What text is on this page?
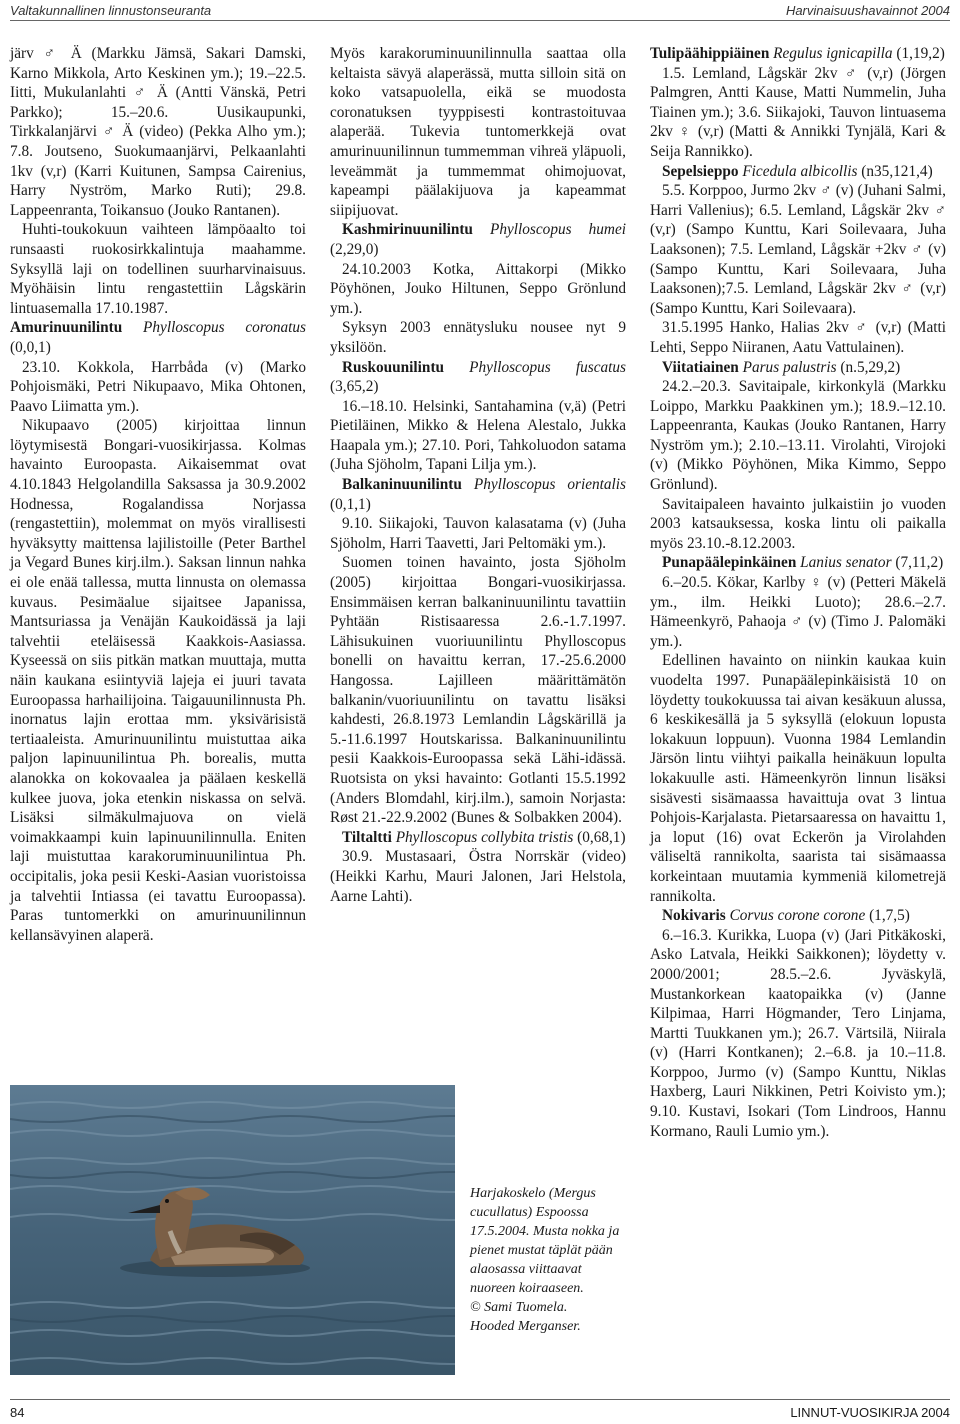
Valtakunnallinen linnustonseuranta	Harvinaisuushavainnot 2004

järv ♂ Ä (Markku Jämsä, Sakari Damski, Karno Mikkola, Arto Keskinen ym.); 19.–22.5. Iitti, Mukulanlahti ♂ Ä (Antti Vänskä, Petri Parkko); 15.–20.6. Uusikaupunki, Tirkkalanjärvi ♂ Ä (video) (Pekka Alho ym.); 7.8. Joutseno, Suokumaanjärvi, Pelkaanlahti 1kv (v,r) (Karri Kuitunen, Sampsa Cairenius, Harry Nyström, Marko Ruti); 29.8. Lappeenranta, Toikansuo (Jouko Rantanen).

Huhti-toukokuun vaihteen lämpöaalto toi runsaasti ruokosirkkalintuja maahamme. Syksyllä laji on todellinen suurharvinaisuus. Myöhäisin lintu rengastettiin Lågskärin lintuasemalla 17.10.1987.

Amurinuunilintu Phylloscopus coronatus (0,0,1)

23.10. Kokkola, Harrbåda (v) (Marko Pohjoismäki, Petri Nikupaavo, Mika Ohtonen, Paavo Liimatta ym.).

Nikupaavo (2005) kirjoittaa linnun löytymisestä Bongari-vuosikirjassa. Kolmas havainto Euroopasta. Aikaisemmat ovat 4.10.1843 Helgolandilla Saksassa ja 30.9.2002 Hodnessa, Rogalandissa Norjassa (rengastettiin), molemmat on myös virallisesti hyväksytty maittensa lajilistoille (Peter Barthel ja Vegard Bunes kirj.ilm.). Saksan linnun nahka ei ole enää tallessa, mutta linnusta on olemassa kuvaus. Pesimäalue sijaitsee Japanissa, Mantsuriassa ja Venäjän Kaukoidässä ja laji talvehtii eteläisessä Kaakkois-Aasiassa. Kyseessä on siis pitkän matkan muuttaja, mutta näin kaukana esiintyviä lajeja ei juuri tavata Euroopassa harhailijoina. Taigauunilinnusta Ph. inornatus lajin erottaa mm. yksivärisistä tertiaaleista. Amurinuunilintu muistuttaa aika paljon lapinuunilintua Ph. borealis, mutta alanokka on kokovaalea ja päälaen keskellä kulkee juova, joka etenkin niskassa on selvä. Lisäksi silmäkulmajuova on vielä voimakkaampi kuin lapinuunilinnulla. Eniten laji muistuttaa karakoruminuunilintua Ph. occipitalis, joka pesii Keski-Aasian vuoristoissa ja talvehtii Intiassa (ei tavattu Euroopassa). Paras tuntomerkki on amurinuunilinnun kellansävyinen alaperä.

Myös karakoruminuunilinnulla saattaa olla keltaista sävyä alaperässä, mutta silloin sitä on koko vatsapuolella, eikä se muodosta coronatuksen tyyppisesti kontrastoituvaa alaperää. Tukevia tuntomerkkejä ovat amurinuunilinnun tummemman vihreä yläpuoli, leveämmät ja tummemmat ohimojuovat, kapeampi päälakijuova ja kapeammat siipijuovat.

Kashmirinuunilintu Phylloscopus humei (2,29,0)

24.10.2003 Kotka, Aittakorpi (Mikko Pöyhönen, Jouko Hiltunen, Seppo Grönlund ym.).

Syksyn 2003 ennätysluku nousee nyt 9 yksilöön.

Ruskouunilintu Phylloscopus fuscatus (3,65,2)

16.–18.10. Helsinki, Santahamina (v,ä) (Petri Pietiläinen, Mikko & Helena Alestalo, Jukka Haapala ym.); 27.10. Pori, Tahkoluodon satama (Juha Sjöholm, Tapani Lilja ym.).

Balkaninuunilintu Phylloscopus orientalis (0,1,1)

9.10. Siikajoki, Tauvon kalasatama (v) (Juha Sjöholm, Harri Taavetti, Jari Peltomäki ym.).

Suomen toinen havainto, josta Sjöholm (2005) kirjoittaa Bongari-vuosikirjassa. Ensimmäisen kerran balkaninuunilintu tavattiin Pyhtään Ristisaaressa 2.6.-1.7.1997. Lähisukuinen vuoriuunilintu Phylloscopus bonelli on havaittu kerran, 17.-25.6.2000 Hangossa. Lajilleen määrittämätön balkanin/vuoriuunilintu on tavattu lisäksi kahdesti, 26.8.1973 Lemlandin Lågskärillä ja 5.-11.6.1997 Houtskarissa. Balkaninuunilintu pesii Kaakkois-Euroopassa sekä Lähi-idässä. Ruotsista on yksi havainto: Gotlanti 15.5.1992 (Anders Blomdahl, kirj.ilm.), samoin Norjasta: Røst 21.-22.9.2002 (Bunes & Solbakken 2004).

Tiltaltti Phylloscopus collybita tristis (0,68,1)

30.9. Mustasaari, Östra Norrskär (video) (Heikki Karhu, Mauri Jalonen, Jari Helstola, Aarne Lahti).

Tulipäähippiäinen Regulus ignicapilla (1,19,2)

1.5. Lemland, Lågskär 2kv ♂ (v,r) (Jörgen Palmgren, Antti Kause, Matti Nummelin, Juha Tiainen ym.); 3.6. Siikajoki, Tauvon lintuasema 2kv ♀ (v,r) (Matti & Annikki Tynjälä, Kari & Seija Rannikko).

Sepelsieppo Ficedula albicollis (n35,121,4)

5.5. Korppoo, Jurmo 2kv ♂ (v) (Juhani Salmi, Harri Vallenius); 6.5. Lemland, Lågskär 2kv ♂ (v,r) (Sampo Kunttu, Kari Soilevaara, Juha Laaksonen); 7.5. Lemland, Lågskär +2kv ♂ (v) (Sampo Kunttu, Kari Soilevaara, Juha Laaksonen);7.5. Lemland, Lågskär 2kv ♂ (v,r) (Sampo Kunttu, Kari Soilevaara).

31.5.1995 Hanko, Halias 2kv ♂ (v,r) (Matti Lehti, Seppo Niiranen, Aatu Vattulainen).

Viitatiainen Parus palustris (n.5,29,2)

24.2.–20.3. Savitaipale, kirkonkylä (Markku Loippo, Markku Paakkinen ym.); 18.9.–12.10. Lappeenranta, Kaukas (Jouko Rantanen, Harry Nyström ym.); 2.10.–13.11. Virolahti, Virojoki (v) (Mikko Pöyhönen, Mika Kimmo, Seppo Grönlund).

Savitaipaleen havainto julkaistiin jo vuoden 2003 katsauksessa, koska lintu oli paikalla myös 23.10.-8.12.2003.

Punapäälepinkäinen Lanius senator (7,11,2)

6.–20.5. Kökar, Karlby ♀ (v) (Petteri Mäkelä ym., ilm. Heikki Luoto); 28.6.–2.7. Hämeenkyrö, Pahaoja ♂ (v) (Timo J. Palomäki ym.).

Edellinen havainto on niinkin kaukaa kuin vuodelta 1997. Punapäälepinkäisistä 10 on löydetty toukokuussa tai aivan kesäkuun alussa, 6 keskikesällä ja 5 syksyllä (elokuun lopusta lokakuun loppuun). Vuonna 1984 Lemlandin Järsön lintu viihtyi paikalla heinäkuun lopulta lokakuulle asti. Hämeenkyrön linnun lisäksi sisävesti sisämaassa havaittuja ovat 3 lintua Pohjois-Karjalasta. Pietarsaaressa on havaittu 1, ja loput (16) ovat Eckerön ja Virolahden väliseltä rannikolta, saarista tai sisämaassa korkeintaan muutamia kymmeniä kilometrejä rannikolta.

Nokivaris Corvus corone corone (1,7,5)

6.–16.3. Kurikka, Luopa (v) (Jari Pitkäkoski, Asko Latvala, Heikki Saikkonen); löydetty v. 2000/2001; 28.5.–2.6. Jyväskylä, Mustankorkean kaatopaikka (v) (Janne Kilpimaa, Harri Högmander, Tero Linjama, Martti Tuukkanen ym.); 26.7. Värtsilä, Niirala (v) (Harri Kontkanen); 2.–6.8. ja 10.–11.8. Korppoo, Jurmo (v) (Sampo Kunttu, Niklas Haxberg, Lauri Nikkinen, Petri Koivisto ym.); 9.10. Kustavi, Isokari (Tom Lindroos, Hannu Kormano, Rauli Lumio ym.).

Harjakoskelo (Mergus cucullatus) Espoossa 17.5.2004. Musta nokka ja pienet mustat täplät pään alaosassa viittaavat nuoreen koiraaseen.
© Sami Tuomela.
Hooded Merganser.
84	LINNUT-VUOSIKIRJA 2004
